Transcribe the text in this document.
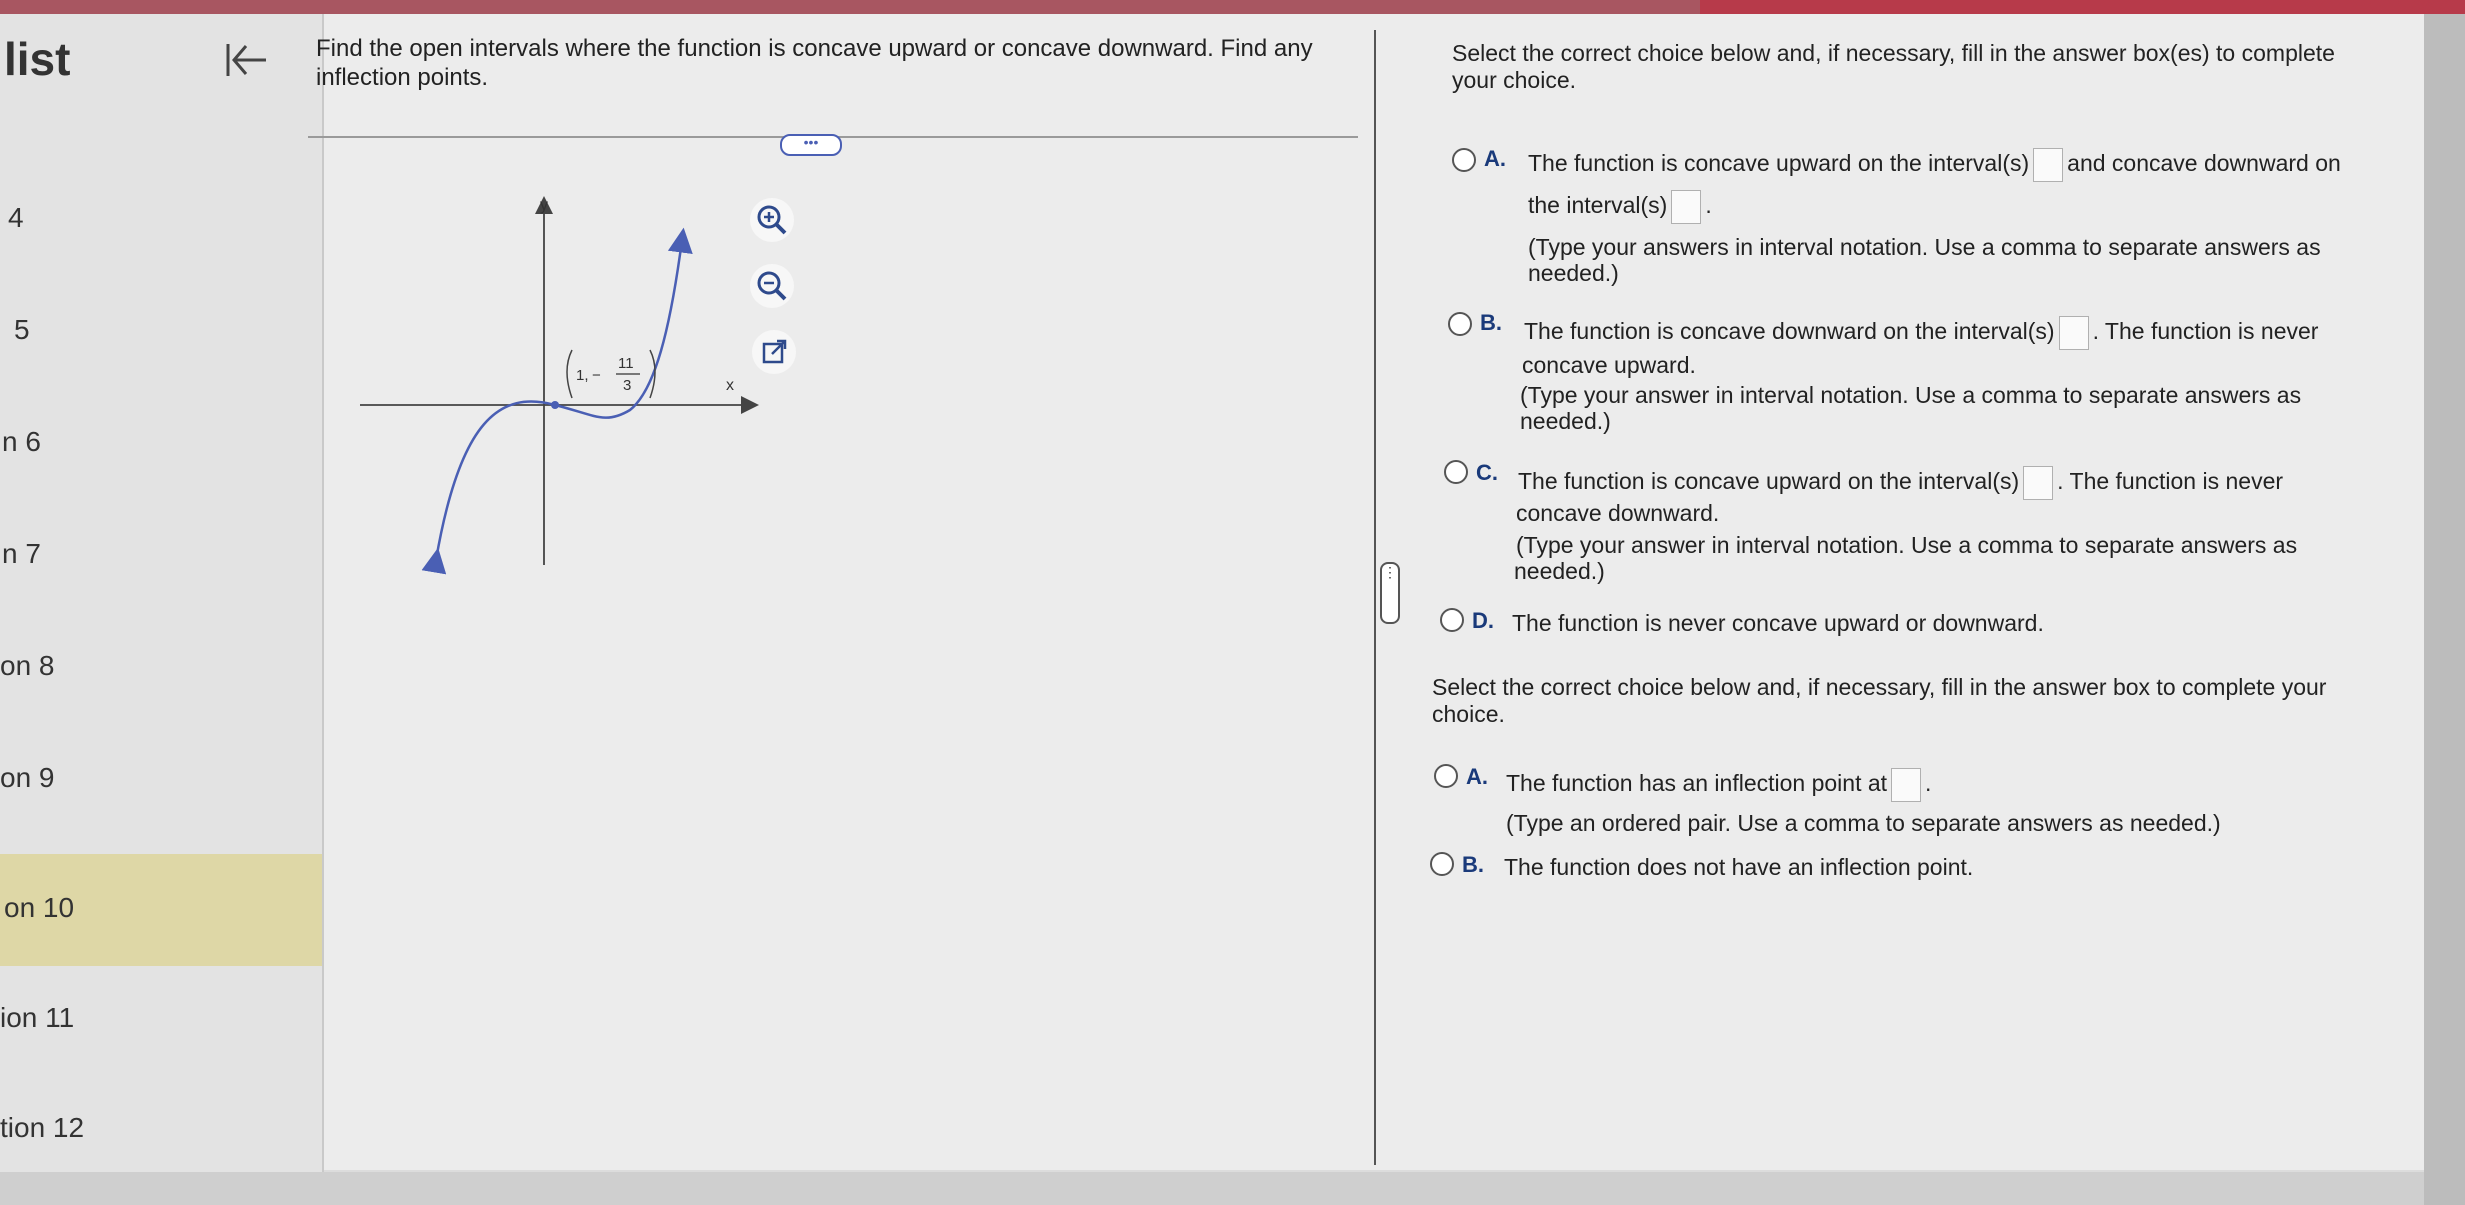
list
4
5
n 6
n 7
on 8
on 9
on 10
ion 11
tion 12
Find the open intervals where the function is concave upward or concave downward. Find any inflection points.
•••
⋮
y
x
1, −
11
3
Select the correct choice below and, if necessary, fill in the answer box(es) to complete your choice.
A. The function is concave upward on the interval(s) and concave downward on
the interval(s) .
(Type your answers in interval notation. Use a comma to separate answers as
needed.)
B. The function is concave downward on the interval(s) . The function is never
concave upward.
(Type your answer in interval notation. Use a comma to separate answers as
needed.)
C. The function is concave upward on the interval(s) . The function is never
concave downward.
(Type your answer in interval notation. Use a comma to separate answers as
needed.)
D. The function is never concave upward or downward.
Select the correct choice below and, if necessary, fill in the answer box to complete your choice.
A. The function has an inflection point at .
(Type an ordered pair. Use a comma to separate answers as needed.)
B. The function does not have an inflection point.
